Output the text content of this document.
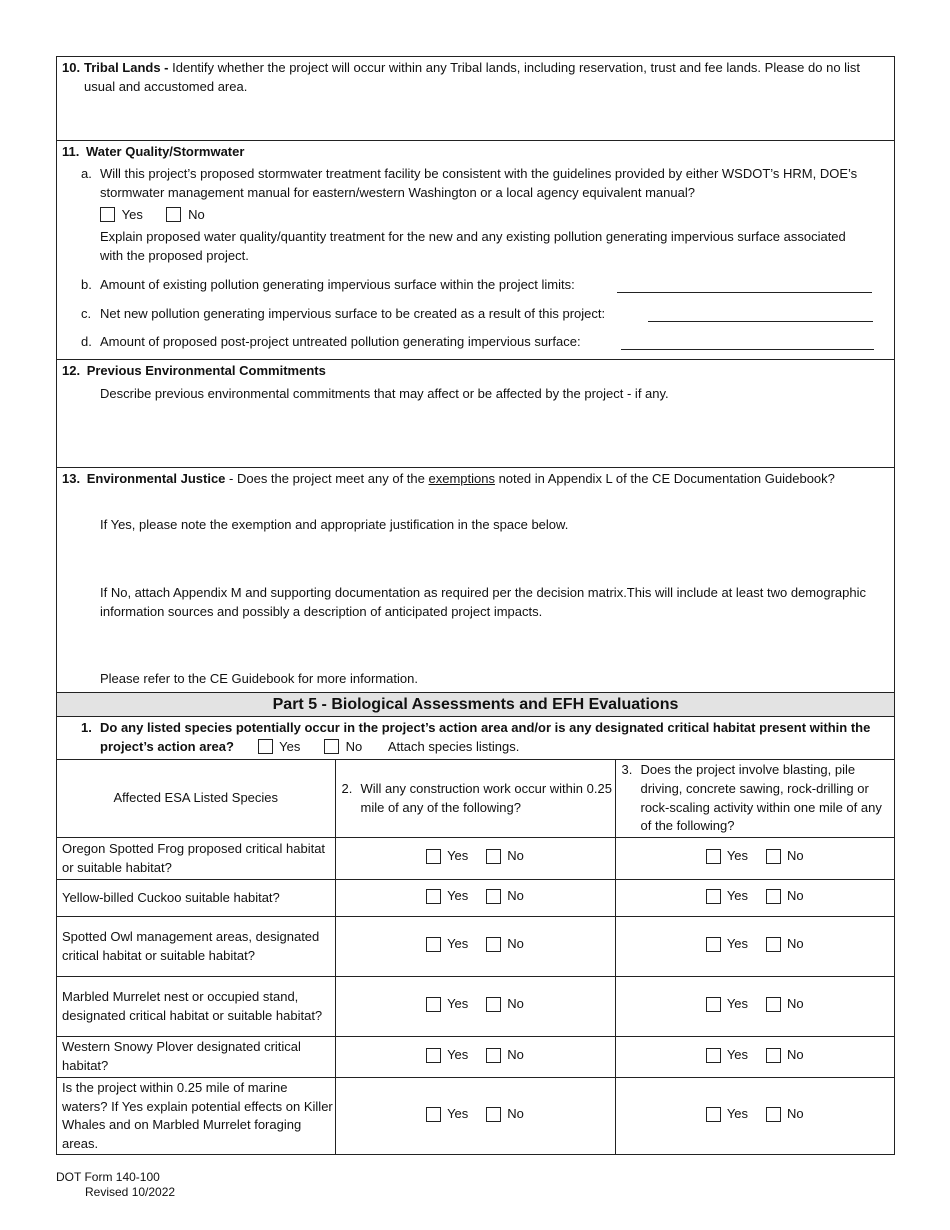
10. Tribal Lands - Identify whether the project will occur within any Tribal lands, including reservation, trust and fee lands. Please do no list usual and accustomed area.
11. Water Quality/Stormwater
a. Will this project’s proposed stormwater treatment facility be consistent with the guidelines provided by either WSDOT’s HRM, DOE’s stormwater management manual for eastern/western Washington or a local agency equivalent manual?
Yes	No
Explain proposed water quality/quantity treatment for the new and any existing pollution generating impervious surface associated with the proposed project.
b. Amount of existing pollution generating impervious surface within the project limits:
c. Net new pollution generating impervious surface to be created as a result of this project:
d. Amount of proposed post-project untreated pollution generating impervious surface:
12. Previous Environmental Commitments
Describe previous environmental commitments that may affect or be affected by the project - if any.
13. Environmental Justice - Does the project meet any of the exemptions noted in Appendix L of the CE Documentation Guidebook?
If Yes, please note the exemption and appropriate justification in the space below.
If No, attach Appendix M and supporting documentation as required per the decision matrix.This will include at least two demographic information sources and possibly a description of anticipated project impacts.
Please refer to the CE Guidebook for more information.
Part 5 - Biological Assessments and EFH Evaluations
1. Do any listed species potentially occur in the project’s action area and/or is any designated critical habitat present within the project’s action area?	Yes	No Attach species listings.
Affected ESA Listed Species	2. Will any construction work occur within 0.25 mile of any of the following?	3. Does the project involve blasting, pile driving, concrete sawing, rock-drilling or rock-scaling activity within one mile of any of the following?

Oregon Spotted Frog proposed critical habitat or suitable habitat?	Yes No	Yes No

Yellow-billed Cuckoo suitable habitat?	Yes No	Yes No

Spotted Owl management areas, designated critical habitat or suitable habitat?	Yes No	Yes No

Marbled Murrelet nest or occupied stand, designated critical habitat or suitable habitat?	Yes No	Yes No

Western Snowy Plover designated critical habitat?	Yes No	Yes No

Is the project within 0.25 mile of marine waters? If Yes explain potential effects on Killer Whales and on Marbled Murrelet foraging areas.	Yes No	Yes No
DOT Form 140-100
Revised 10/2022
